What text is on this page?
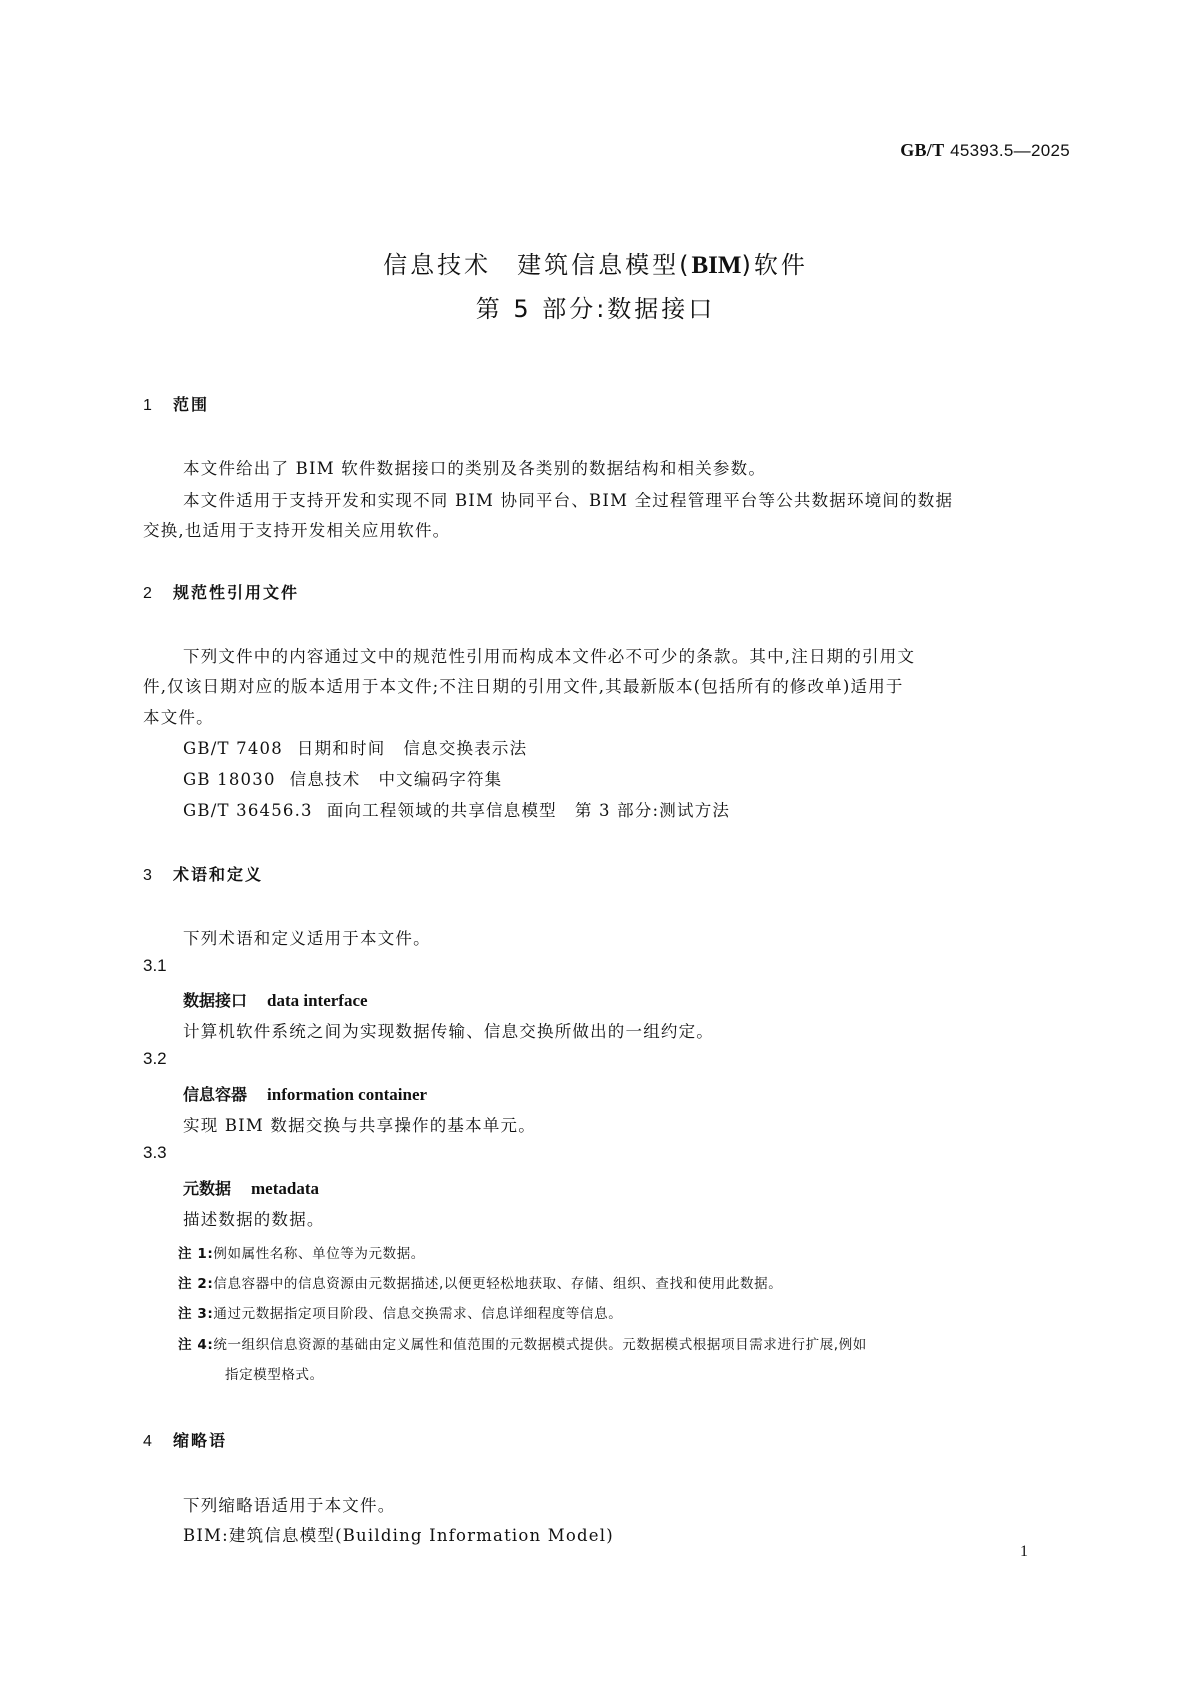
GB/T 45393.5—2025
信息技术 建筑信息模型(BIM)软件
第 5 部分:数据接口
1 范围
本文件给出了 BIM 软件数据接口的类别及各类别的数据结构和相关参数。
本文件适用于支持开发和实现不同 BIM 协同平台、BIM 全过程管理平台等公共数据环境间的数据
交换,也适用于支持开发相关应用软件。
2 规范性引用文件
下列文件中的内容通过文中的规范性引用而构成本文件必不可少的条款。其中,注日期的引用文
件,仅该日期对应的版本适用于本文件;不注日期的引用文件,其最新版本(包括所有的修改单)适用于
本文件。
GB/T 7408 日期和时间 信息交换表示法
GB 18030 信息技术 中文编码字符集
GB/T 36456.3 面向工程领域的共享信息模型 第 3 部分:测试方法
3 术语和定义
下列术语和定义适用于本文件。
3.1
数据接口 data interface
计算机软件系统之间为实现数据传输、信息交换所做出的一组约定。
3.2
信息容器 information container
实现 BIM 数据交换与共享操作的基本单元。
3.3
元数据 metadata
描述数据的数据。
注 1:例如属性名称、单位等为元数据。
注 2:信息容器中的信息资源由元数据描述,以便更轻松地获取、存储、组织、查找和使用此数据。
注 3:通过元数据指定项目阶段、信息交换需求、信息详细程度等信息。
注 4:统一组织信息资源的基础由定义属性和值范围的元数据模式提供。元数据模式根据项目需求进行扩展,例如
指定模型格式。
4 缩略语
下列缩略语适用于本文件。
BIM:建筑信息模型(Building Information Model)
1
